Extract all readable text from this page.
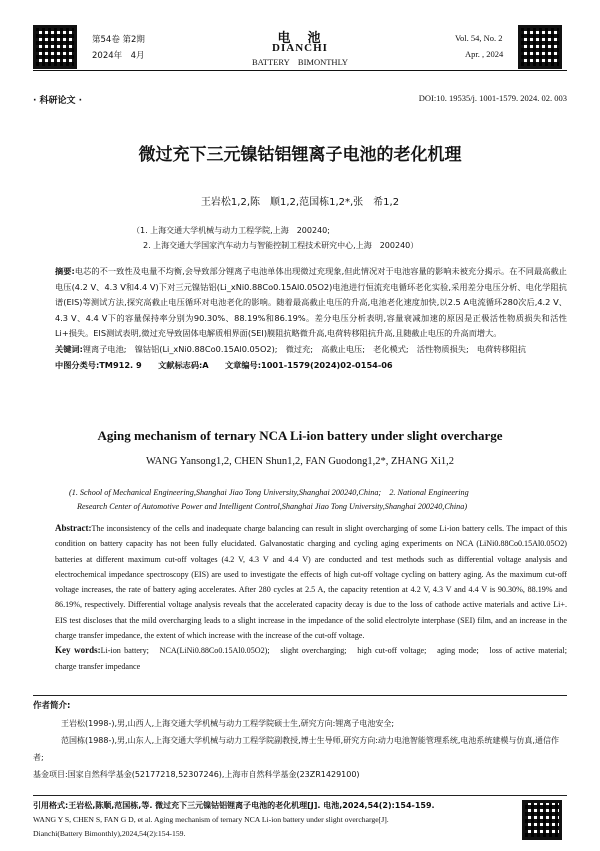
第54卷 第2期
2024年　4月
电　池
DIANCHI
BATTERY　BIMONTHLY
Vol. 54, No. 2
Apr. , 2024
· 科研论文 ·	DOI:10. 19535/j. 1001-1579. 2024. 02. 003
微过充下三元镍钴铝锂离子电池的老化机理
王岩松1,2,陈　顺1,2,范国栋1,2*,张　希1,2
（1. 上海交通大学机械与动力工程学院,上海　200240;
2. 上海交通大学国家汽车动力与智能控制工程技术研究中心,上海　200240）

摘要:电芯的不一致性及电量不均衡,会导致部分锂离子电池单体出现微过充现象,但此情况对于电池容量的影响未被充分揭示。在不同最高截止电压(4.2 V、4.3 V和4.4 V)下对三元镍钴铝(Li_xNi0.88Co0.15Al0.05O2)电池进行恒流充电循环老化实验,采用差分电压分析、电化学阻抗谱(EIS)等测试方法,探究高截止电压循环对电池老化的影响。随着最高截止电压的升高,电池老化速度加快,以2.5 A电流循环280次后,4.2 V、4.3 V、4.4 V下的容量保持率分别为90.30%、88.19%和86.19%。差分电压分析表明,容量衰减加速的原因是正极活性物质损失和活性Li+损失。EIS测试表明,微过充导致固体电解质相界面(SEI)膜阻抗略微升高,电荷转移阻抗升高,且随截止电压的升高而增大。

关键词:锂离子电池;　镍钴铝(Li_xNi0.88Co0.15Al0.05O2);　微过充;　高截止电压;　老化模式;　活性物质损失;　电荷转移阻抗

中图分类号:TM912. 9　　文献标志码:A　　文章编号:1001-1579(2024)02-0154-06

Aging mechanism of ternary NCA Li-ion battery under slight overcharge
WANG Yansong1,2, CHEN Shun1,2, FAN Guodong1,2*, ZHANG Xi1,2
(1. School of Mechanical Engineering,Shanghai Jiao Tong University,Shanghai 200240,China;　2. National Engineering
Research Center of Automotive Power and Intelligent Control,Shanghai Jiao Tong University,Shanghai 200240,China)

Abstract:The inconsistency of the cells and inadequate charge balancing can result in slight overcharging of some Li-ion battery cells. The impact of this condition on battery capacity has not been fully elucidated. Galvanostatic charging and cycling aging experiments on NCA (LiNi0.88Co0.15Al0.05O2) batteries at different maximum cut-off voltages (4.2 V, 4.3 V and 4.4 V) are conducted and test methods such as differential voltage analysis and electrochemical impedance spectroscopy (EIS) are used to investigate the effects of high cut-off voltage cycling on battery aging. As the maximum cut-off voltage increases, the rate of battery aging accelerates. After 280 cycles at 2.5 A, the capacity retention at 4.2 V, 4.3 V and 4.4 V is 90.30%, 88.19% and 86.19%, respectively. Differential voltage analysis reveals that the accelerated capacity decay is due to the loss of cathode active materials and active Li+. EIS test discloses that the mild overcharging leads to a slight increase in the impedance of the solid electrolyte interphase (SEI) film, and an increase in the charge transfer impedance, the extent of which increase with the increase of the cut-off voltage.

Key words:Li-ion battery;　NCA(LiNi0.88Co0.15Al0.05O2);　slight overcharging;　high cut-off voltage;　aging mode;　loss of active material;　charge transfer impedance

作者简介:

王岩松(1998-),男,山西人,上海交通大学机械与动力工程学院硕士生,研究方向:锂离子电池安全;

范国栋(1988-),男,山东人,上海交通大学机械与动力工程学院副教授,博士生导师,研究方向:动力电池智能管理系统,电池系统建模与仿真,通信作者;

基金项目:国家自然科学基金(52177218,52307246),上海市自然科学基金(23ZR1429100)

引用格式:王岩松,陈顺,范国栋,等. 微过充下三元镍钴铝锂离子电池的老化机理[J]. 电池,2024,54(2):154-159.

WANG Y S, CHEN S, FAN G D, et al. Aging mechanism of ternary NCA Li-ion battery under slight overcharge[J].

Dianchi(Battery Bimonthly),2024,54(2):154-159.
